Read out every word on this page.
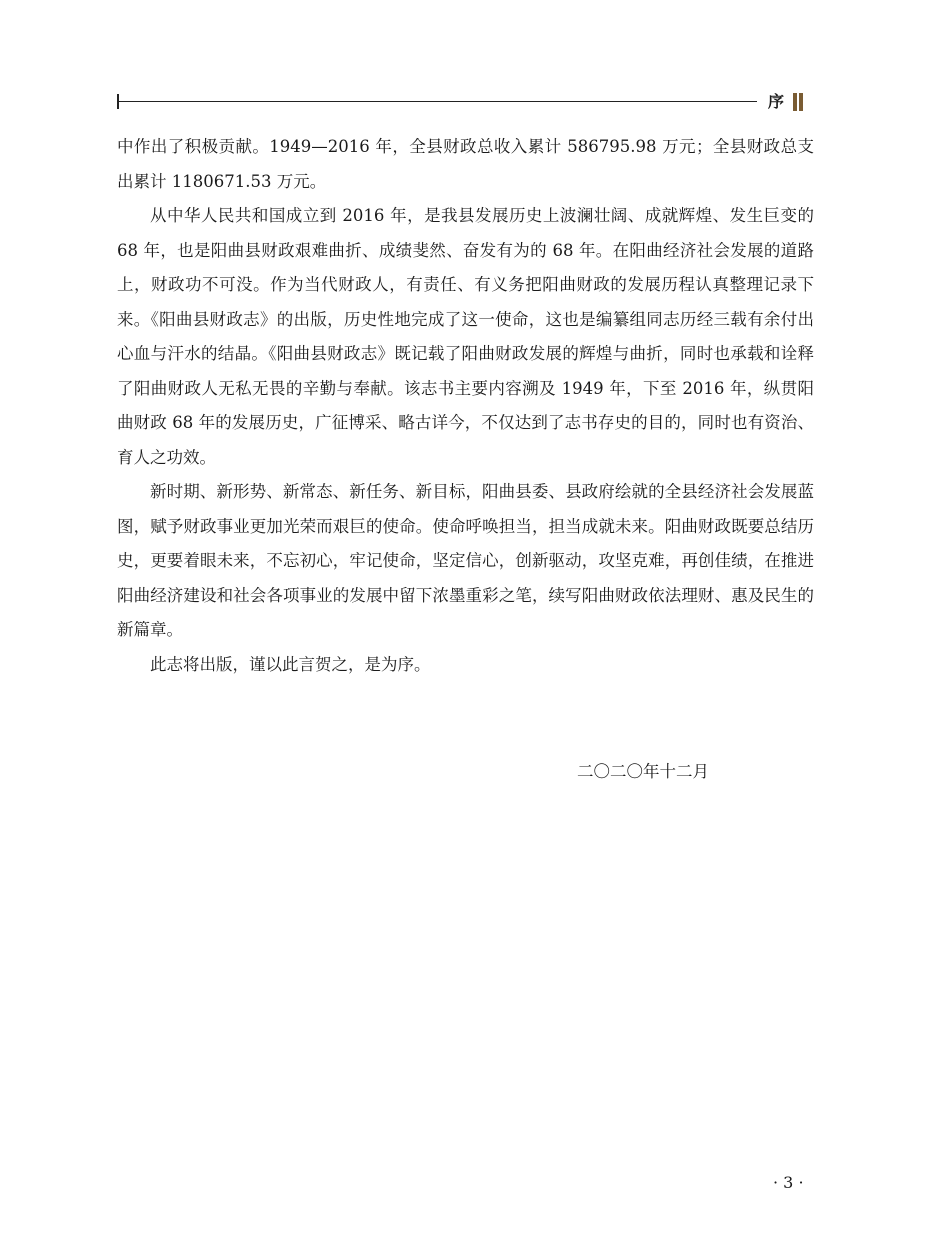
序

中作出了积极贡献。1949—2016 年，全县财政总收入累计 586795.98 万元；全县财政总支出累计 1180671.53 万元。

从中华人民共和国成立到 2016 年，是我县发展历史上波澜壮阔、成就辉煌、发生巨变的 68 年，也是阳曲县财政艰难曲折、成绩斐然、奋发有为的 68 年。在阳曲经济社会发展的道路上，财政功不可没。作为当代财政人，有责任、有义务把阳曲财政的发展历程认真整理记录下来。《阳曲县财政志》的出版，历史性地完成了这一使命，这也是编纂组同志历经三载有余付出心血与汗水的结晶。《阳曲县财政志》既记载了阳曲财政发展的辉煌与曲折，同时也承载和诠释了阳曲财政人无私无畏的辛勤与奉献。该志书主要内容溯及 1949 年，下至 2016 年，纵贯阳曲财政 68 年的发展历史，广征博采、略古详今，不仅达到了志书存史的目的，同时也有资治、育人之功效。

新时期、新形势、新常态、新任务、新目标，阳曲县委、县政府绘就的全县经济社会发展蓝图，赋予财政事业更加光荣而艰巨的使命。使命呼唤担当，担当成就未来。阳曲财政既要总结历史，更要着眼未来，不忘初心，牢记使命，坚定信心，创新驱动，攻坚克难，再创佳绩，在推进阳曲经济建设和社会各项事业的发展中留下浓墨重彩之笔，续写阳曲财政依法理财、惠及民生的新篇章。

此志将出版，谨以此言贺之，是为序。

二〇二〇年十二月
· 3 ·
